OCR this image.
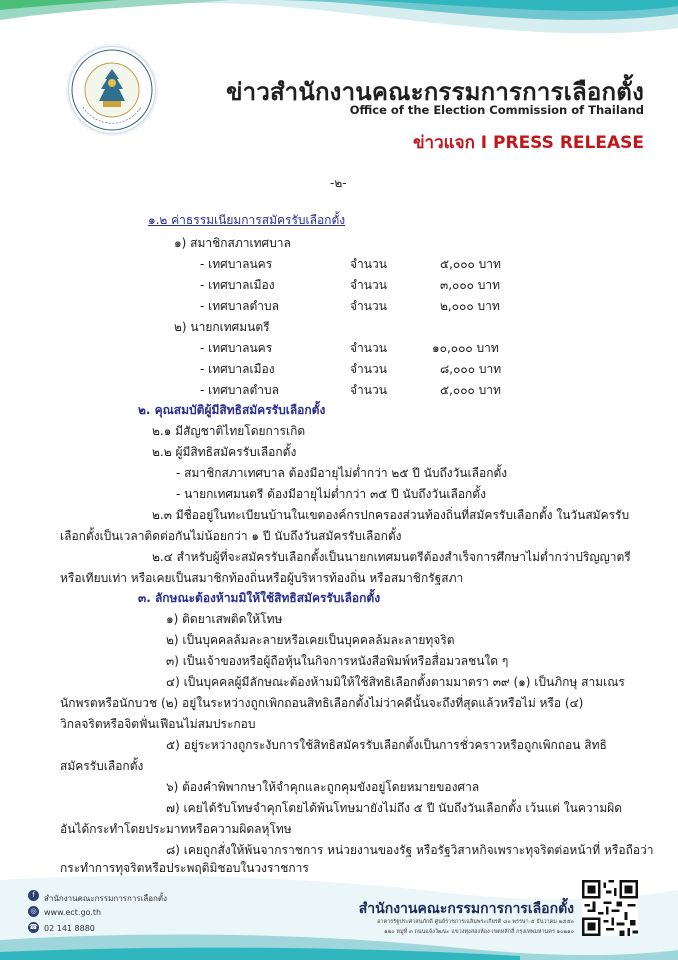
ข่าวสำนักงานคณะกรรมการการเลือกตั้ง
Office of the Election Commission of Thailand
ข่าวแจก I PRESS RELEASE
-๒-
๑.๒ ค่าธรรมเนียมการสมัครรับเลือกตั้ง
๑) สมาชิกสภาเทศบาล
- เทศบาลนคร	จำนวน	๕,๐๐๐ บาท
- เทศบาลเมือง	จำนวน	๓,๐๐๐ บาท
- เทศบาลตำบล	จำนวน	๒,๐๐๐ บาท
๒) นายกเทศมนตรี
- เทศบาลนคร	จำนวน	๑๐,๐๐๐ บาท
- เทศบาลเมือง	จำนวน	๘,๐๐๐ บาท
- เทศบาลตำบล	จำนวน	๕,๐๐๐ บาท
๒. คุณสมบัติผู้มีสิทธิสมัครรับเลือกตั้ง
๒.๑ มีสัญชาติไทยโดยการเกิด
๒.๒ ผู้มีสิทธิสมัครรับเลือกตั้ง
- สมาชิกสภาเทศบาล ต้องมีอายุไม่ต่ำกว่า ๒๕ ปี นับถึงวันเลือกตั้ง
- นายกเทศมนตรี ต้องมีอายุไม่ต่ำกว่า ๓๕ ปี นับถึงวันเลือกตั้ง
๒.๓ มีชื่ออยู่ในทะเบียนบ้านในเขตองค์กรปกครองส่วนท้องถิ่นที่สมัครรับเลือกตั้ง ในวันสมัครรับ
เลือกตั้งเป็นเวลาติดต่อกันไม่น้อยกว่า ๑ ปี นับถึงวันสมัครรับเลือกตั้ง
๒.๔ สำหรับผู้ที่จะสมัครรับเลือกตั้งเป็นนายกเทศมนตรีต้องสำเร็จการศึกษาไม่ต่ำกว่าปริญญาตรี
หรือเทียบเท่า หรือเคยเป็นสมาชิกท้องถิ่นหรือผู้บริหารท้องถิ่น หรือสมาชิกรัฐสภา
๓. ลักษณะต้องห้ามมิให้ใช้สิทธิสมัครรับเลือกตั้ง
๑) ติดยาเสพติดให้โทษ
๒) เป็นบุคคลล้มละลายหรือเคยเป็นบุคคลล้มละลายทุจริต
๓) เป็นเจ้าของหรือผู้ถือหุ้นในกิจการหนังสือพิมพ์หรือสื่อมวลชนใด ๆ
๔) เป็นบุคคลผู้มีลักษณะต้องห้ามมิให้ใช้สิทธิเลือกตั้งตามมาตรา ๓๙ (๑) เป็นภิกษุ สามเณร
นักพรตหรือนักบวช (๒) อยู่ในระหว่างถูกเพิกถอนสิทธิเลือกตั้งไม่ว่าคดีนั้นจะถึงที่สุดแล้วหรือไม่ หรือ (๔)
วิกลจริตหรือจิตฟั่นเฟือนไม่สมประกอบ
๕) อยู่ระหว่างถูกระงับการใช้สิทธิสมัครรับเลือกตั้งเป็นการชั่วคราวหรือถูกเพิกถอน สิทธิ
สมัครรับเลือกตั้ง
๖) ต้องคำพิพากษาให้จำคุกและถูกคุมขังอยู่โดยหมายของศาล
๗) เคยได้รับโทษจำคุกโดยได้พ้นโทษมายังไม่ถึง ๕ ปี นับถึงวันเลือกตั้ง เว้นแต่ ในความผิด
อันได้กระทำโดยประมาทหรือความผิดลหุโทษ
๘) เคยถูกสั่งให้พ้นจากราชการ หน่วยงานของรัฐ หรือรัฐวิสาหกิจเพราะทุจริตต่อหน้าที่ หรือถือว่า
กระทำการทุจริตหรือประพฤติมิชอบในวงราชการ
f	สำนักงานคณะกรรมการการเลือกตั้ง
◎ www.ect.go.th
☎ 02 141 8880
สำนักงานคณะกรรมการการเลือกตั้ง
อาคารรัฐประศาสนภักดี ศูนย์ราชการเฉลิมพระเกียรติ ๘๐ พรรษา ๕ ธันวาคม ๒๕๕๐
๑๒๐ หมู่ที่ ๓ ถนนแจ้งวัฒนะ แขวงทุ่งสองห้อง เขตหลักสี่ กรุงเทพมหานคร ๑๐๒๑๐
